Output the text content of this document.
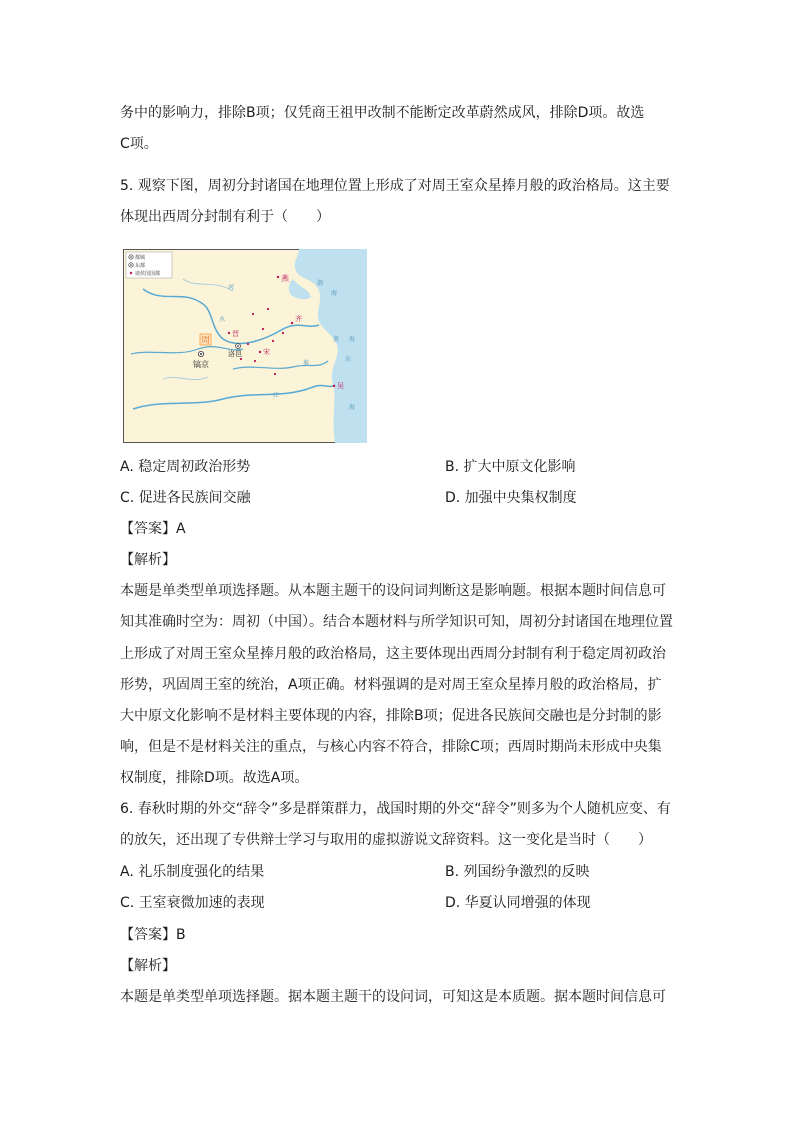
务中的影响力，排除B项；仅凭商王祖甲改制不能断定改革蔚然成风，排除D项。故选
C项。
5. 观察下图，周初分封诸国在地理位置上形成了对周王室众星捧月般的政治格局。这主要
体现出西周分封制有利于（　　）
都城
东都
诸侯国国都
周
镐京
洛邑
燕
晋
齐
宋
吴
渤
海
黄 海
东
海
河
水
江
淮
A. 稳定周初政治形势	B. 扩大中原文化影响
C. 促进各民族间交融	D. 加强中央集权制度
【答案】A
【解析】
本题是单类型单项选择题。从本题主题干的设问词判断这是影响题。根据本题时间信息可
知其准确时空为：周初（中国）。结合本题材料与所学知识可知，周初分封诸国在地理位置
上形成了对周王室众星捧月般的政治格局，这主要体现出西周分封制有利于稳定周初政治
形势，巩固周王室的统治，A项正确。材料强调的是对周王室众星捧月般的政治格局，扩
大中原文化影响不是材料主要体现的内容，排除B项；促进各民族间交融也是分封制的影
响，但是不是材料关注的重点，与核心内容不符合，排除C项；西周时期尚未形成中央集
权制度，排除D项。故选A项。
6. 春秋时期的外交“辞令”多是群策群力，战国时期的外交“辞令”则多为个人随机应变、有
的放矢，还出现了专供辩士学习与取用的虚拟游说文辞资料。这一变化是当时（　　）
A. 礼乐制度强化的结果	B. 列国纷争激烈的反映
C. 王室衰微加速的表现	D. 华夏认同增强的体现
【答案】B
【解析】
本题是单类型单项选择题。据本题主题干的设问词，可知这是本质题。据本题时间信息可
